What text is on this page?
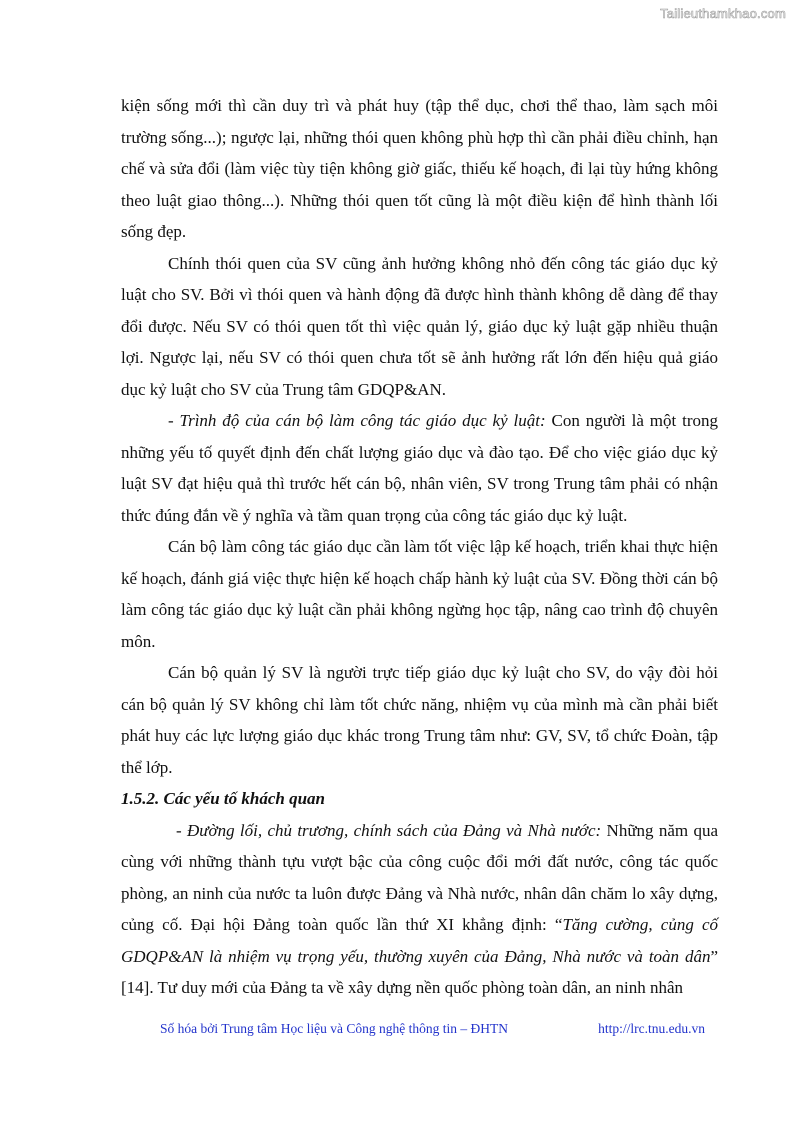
Tailieuthamkhao.com

kiện sống mới thì cần duy trì và phát huy (tập thể dục, chơi thể thao, làm sạch môi trường sống...); ngược lại, những thói quen không phù hợp thì cần phải điều chỉnh, hạn chế và sửa đổi (làm việc tùy tiện không giờ giấc, thiếu kế hoạch, đi lại tùy hứng không theo luật giao thông...). Những thói quen tốt cũng là một điều kiện để hình thành lối sống đẹp.

Chính thói quen của SV cũng ảnh hưởng không nhỏ đến công tác giáo dục kỷ luật cho SV. Bởi vì thói quen và hành động đã được hình thành không dễ dàng để thay đổi được. Nếu SV có thói quen tốt thì việc quản lý, giáo dục kỷ luật gặp nhiều thuận lợi. Ngược lại, nếu SV có thói quen chưa tốt sẽ ảnh hưởng rất lớn đến hiệu quả giáo dục kỷ luật cho SV của Trung tâm GDQP&AN.

- Trình độ của cán bộ làm công tác giáo dục kỷ luật: Con người là một trong những yếu tố quyết định đến chất lượng giáo dục và đào tạo. Để cho việc giáo dục kỷ luật SV đạt hiệu quả thì trước hết cán bộ, nhân viên, SV trong Trung tâm phải có nhận thức đúng đắn về ý nghĩa và tầm quan trọng của công tác giáo dục kỷ luật.

Cán bộ làm công tác giáo dục cần làm tốt việc lập kế hoạch, triển khai thực hiện kế hoạch, đánh giá việc thực hiện kế hoạch chấp hành kỷ luật của SV. Đồng thời cán bộ làm công tác giáo dục kỷ luật cần phải không ngừng học tập, nâng cao trình độ chuyên môn.

Cán bộ quản lý SV là người trực tiếp giáo dục kỷ luật cho SV, do vậy đòi hỏi cán bộ quản lý SV không chỉ làm tốt chức năng, nhiệm vụ của mình mà cần phải biết phát huy các lực lượng giáo dục khác trong Trung tâm như: GV, SV, tổ chức Đoàn, tập thể lớp.

1.5.2. Các yếu tố khách quan

- Đường lối, chủ trương, chính sách của Đảng và Nhà nước: Những năm qua cùng với những thành tựu vượt bậc của công cuộc đổi mới đất nước, công tác quốc phòng, an ninh của nước ta luôn được Đảng và Nhà nước, nhân dân chăm lo xây dựng, củng cố. Đại hội Đảng toàn quốc lần thứ XI khẳng định: “Tăng cường, củng cố GDQP&AN là nhiệm vụ trọng yếu, thường xuyên của Đảng, Nhà nước và toàn dân” [14]. Tư duy mới của Đảng ta về xây dựng nền quốc phòng toàn dân, an ninh nhân

Số hóa bởi Trung tâm Học liệu và Công nghệ thông tin – ĐHTN	http://lrc.tnu.edu.vn
